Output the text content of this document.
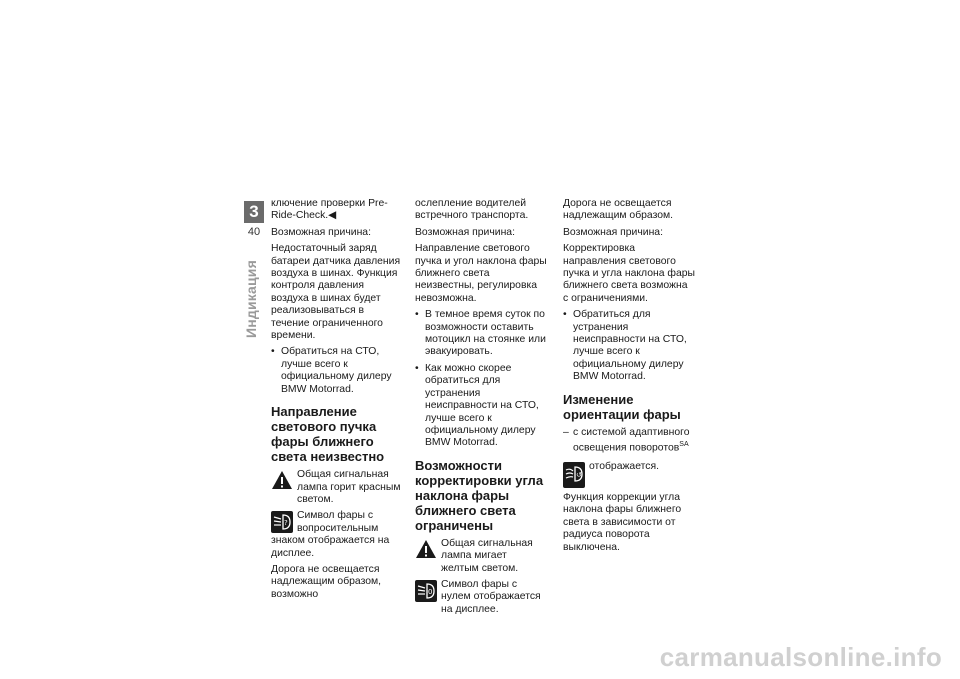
3
40
Индикация

ключение проверки Pre-Ride-Check.◀

Возможная причина:

Недостаточный заряд батареи датчика давления воздуха в шинах. Функция контроля давления воздуха в шинах будет реализовываться в течение ограниченного времени.

• Обратиться на СТО, лучше всего к официальному дилеру BMW Motorrad.
Направление светового пучка фары ближнего света неизвестно
Общая сигнальная лампа горит красным светом.
?
Символ фары с вопросительным знаком отображается на дисплее.

Дорога не освещается надлежащим образом, возможно

ослепление водителей встречного транспорта.

Возможная причина:

Направление светового пучка и угол наклона фары ближнего света неизвестны, регулировка невозможна.

• В темное время суток по возможности оставить мотоцикл на стоянке или эвакуировать.
• Как можно скорее обратиться для устранения неисправности на СТО, лучше всего к официальному дилеру BMW Motorrad.
Возможности корректировки угла наклона фары ближнего света ограничены
Общая сигнальная лампа мигает желтым светом.
0
Символ фары с нулем отображается на дисплее.

Дорога не освещается надлежащим образом.

Возможная причина:

Корректировка направления светового пучка и угла наклона фары ближнего света возможна с ограничениями.

• Обратиться для устранения неисправности на СТО, лучше всего к официальному дилеру BMW Motorrad.
Изменение ориентации фары
– с системой адаптивного освещения поворотов$^{SA}$
↺
отображается.

Функция коррекции угла наклона фары ближнего света в зависимости от радиуса поворота выключена.

carmanualsonline.info
